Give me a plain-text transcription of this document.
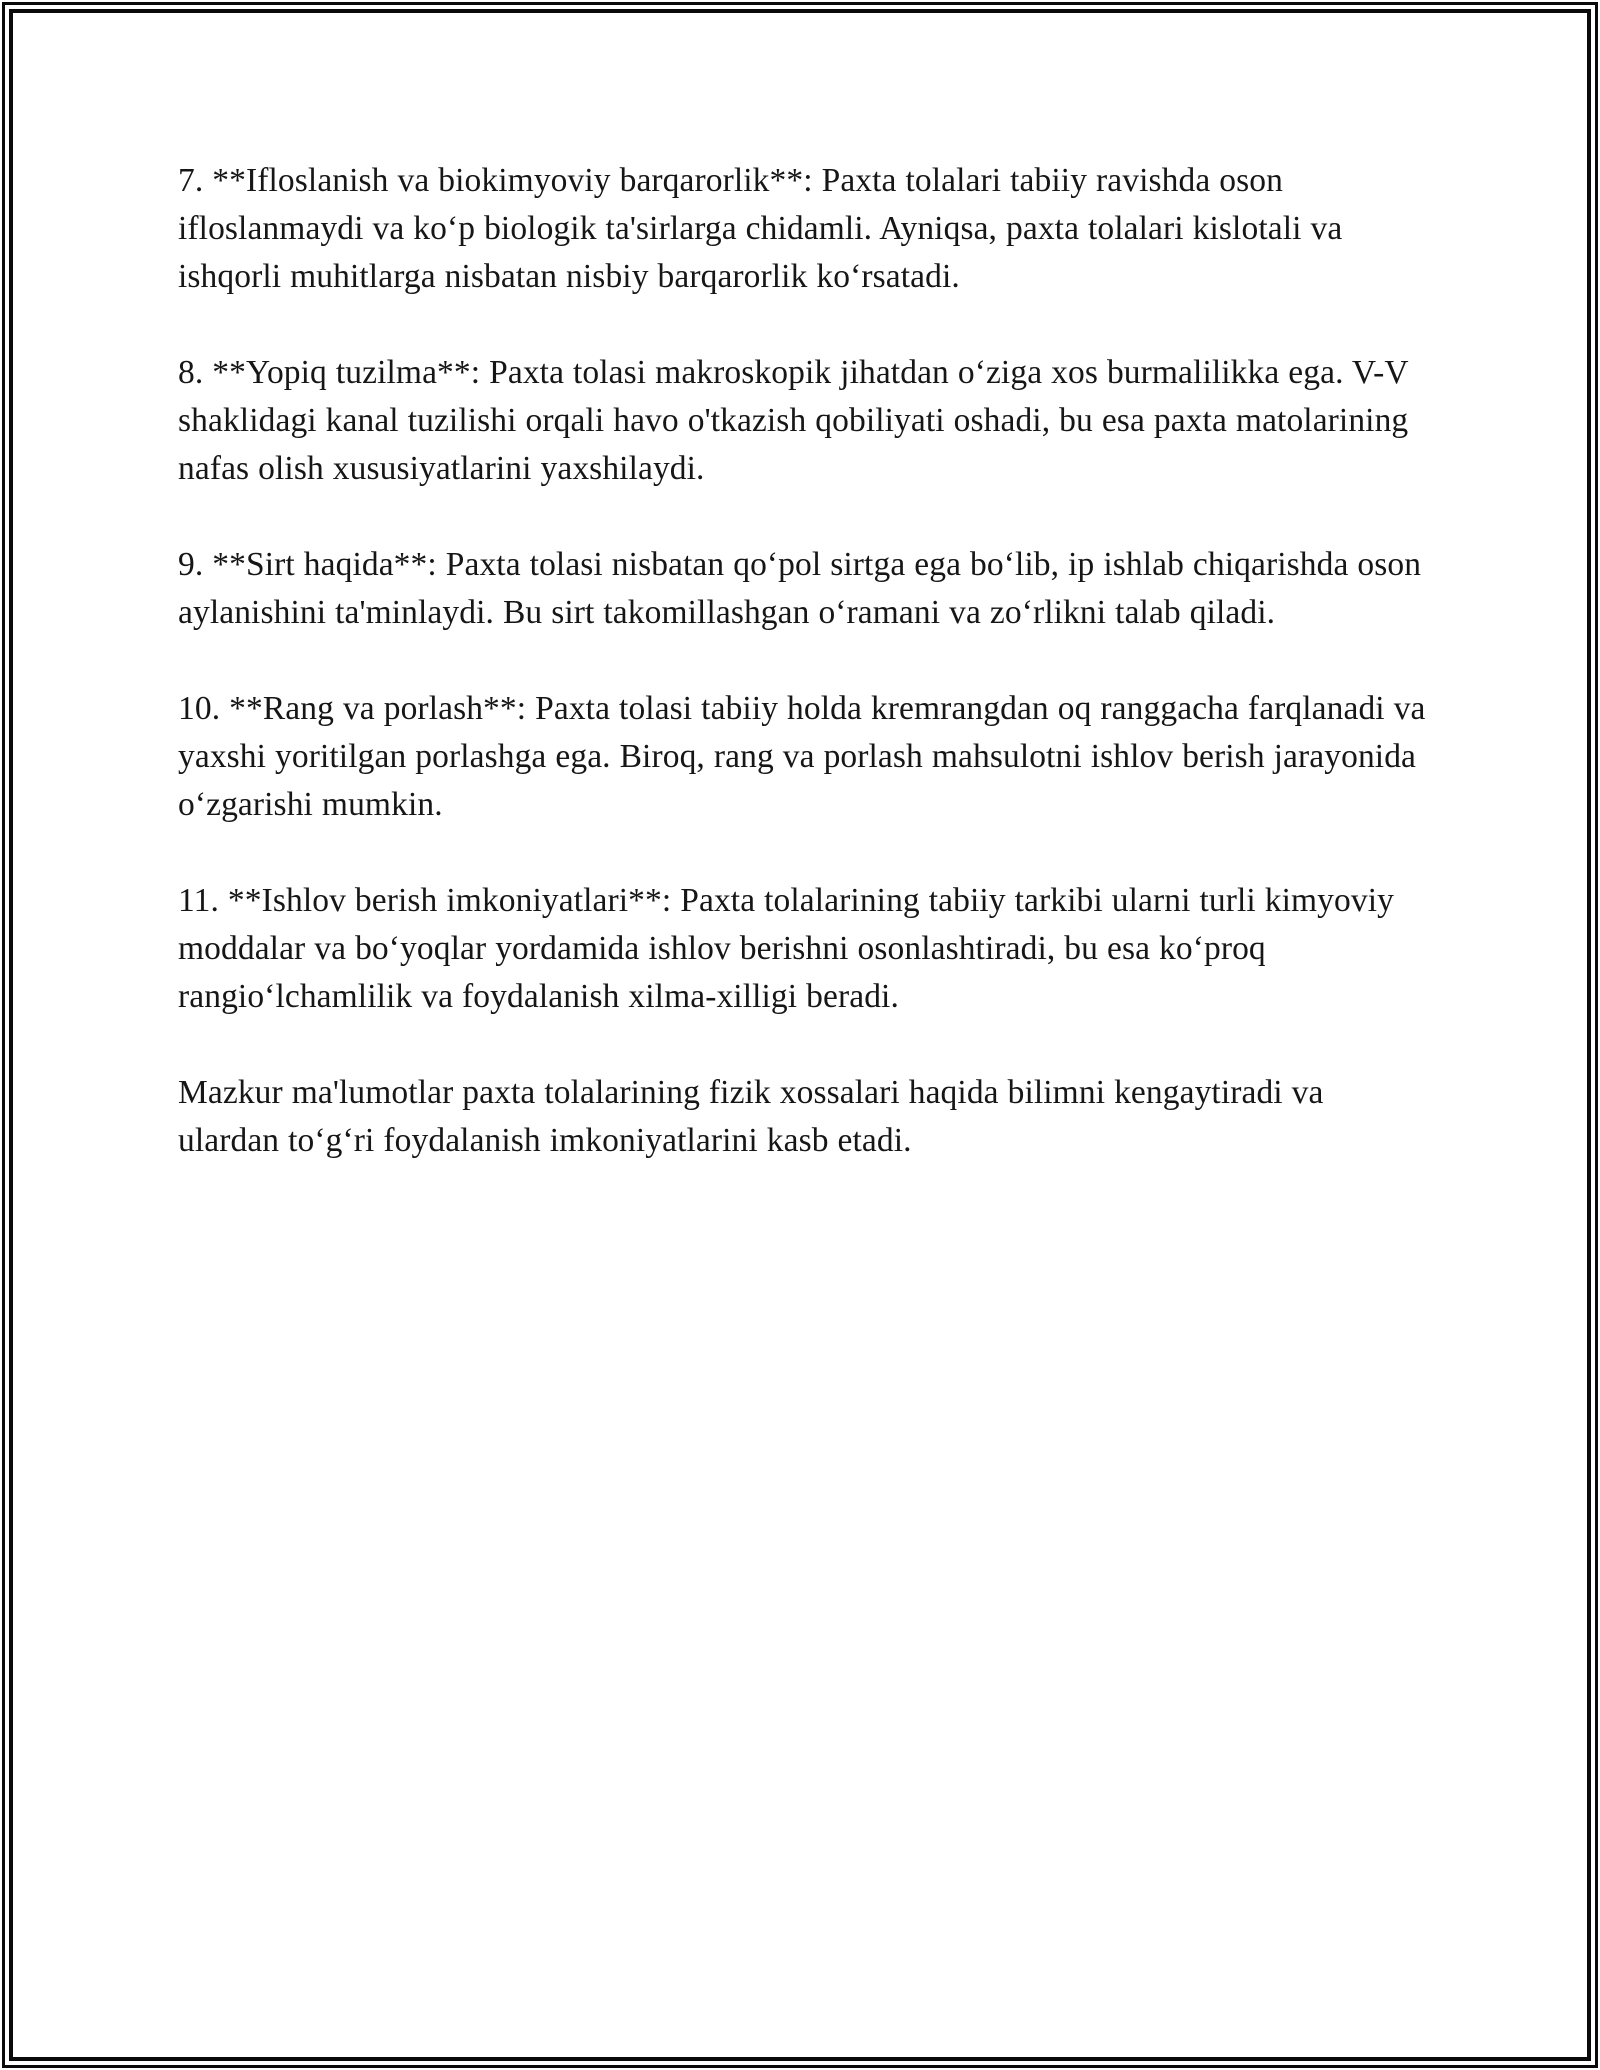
7. **Ifloslanish va biokimyoviy barqarorlik**: Paxta tolalari tabiiy ravishda oson ifloslanmaydi va ko‘p biologik ta'sirlarga chidamli. Ayniqsa, paxta tolalari kislotali va ishqorli muhitlarga nisbatan nisbiy barqarorlik ko‘rsatadi.

8. **Yopiq tuzilma**: Paxta tolasi makroskopik jihatdan o‘ziga xos burmalilikka ega. V-V shaklidagi kanal tuzilishi orqali havo o'tkazish qobiliyati oshadi, bu esa paxta matolarining nafas olish xususiyatlarini yaxshilaydi.

9. **Sirt haqida**: Paxta tolasi nisbatan qo‘pol sirtga ega bo‘lib, ip ishlab chiqarishda oson aylanishini ta'minlaydi. Bu sirt takomillashgan o‘ramani va zo‘rlikni talab qiladi.

10. **Rang va porlash**: Paxta tolasi tabiiy holda kremrangdan oq ranggacha farqlanadi va yaxshi yoritilgan porlashga ega. Biroq, rang va porlash mahsulotni ishlov berish jarayonida o‘zgarishi mumkin.

11. **Ishlov berish imkoniyatlari**: Paxta tolalarining tabiiy tarkibi ularni turli kimyoviy moddalar va bo‘yoqlar yordamida ishlov berishni osonlashtiradi, bu esa ko‘proq rangio‘lchamlilik va foydalanish xilma-xilligi beradi.

Mazkur ma'lumotlar paxta tolalarining fizik xossalari haqida bilimni kengaytiradi va ulardan to‘g‘ri foydalanish imkoniyatlarini kasb etadi.
